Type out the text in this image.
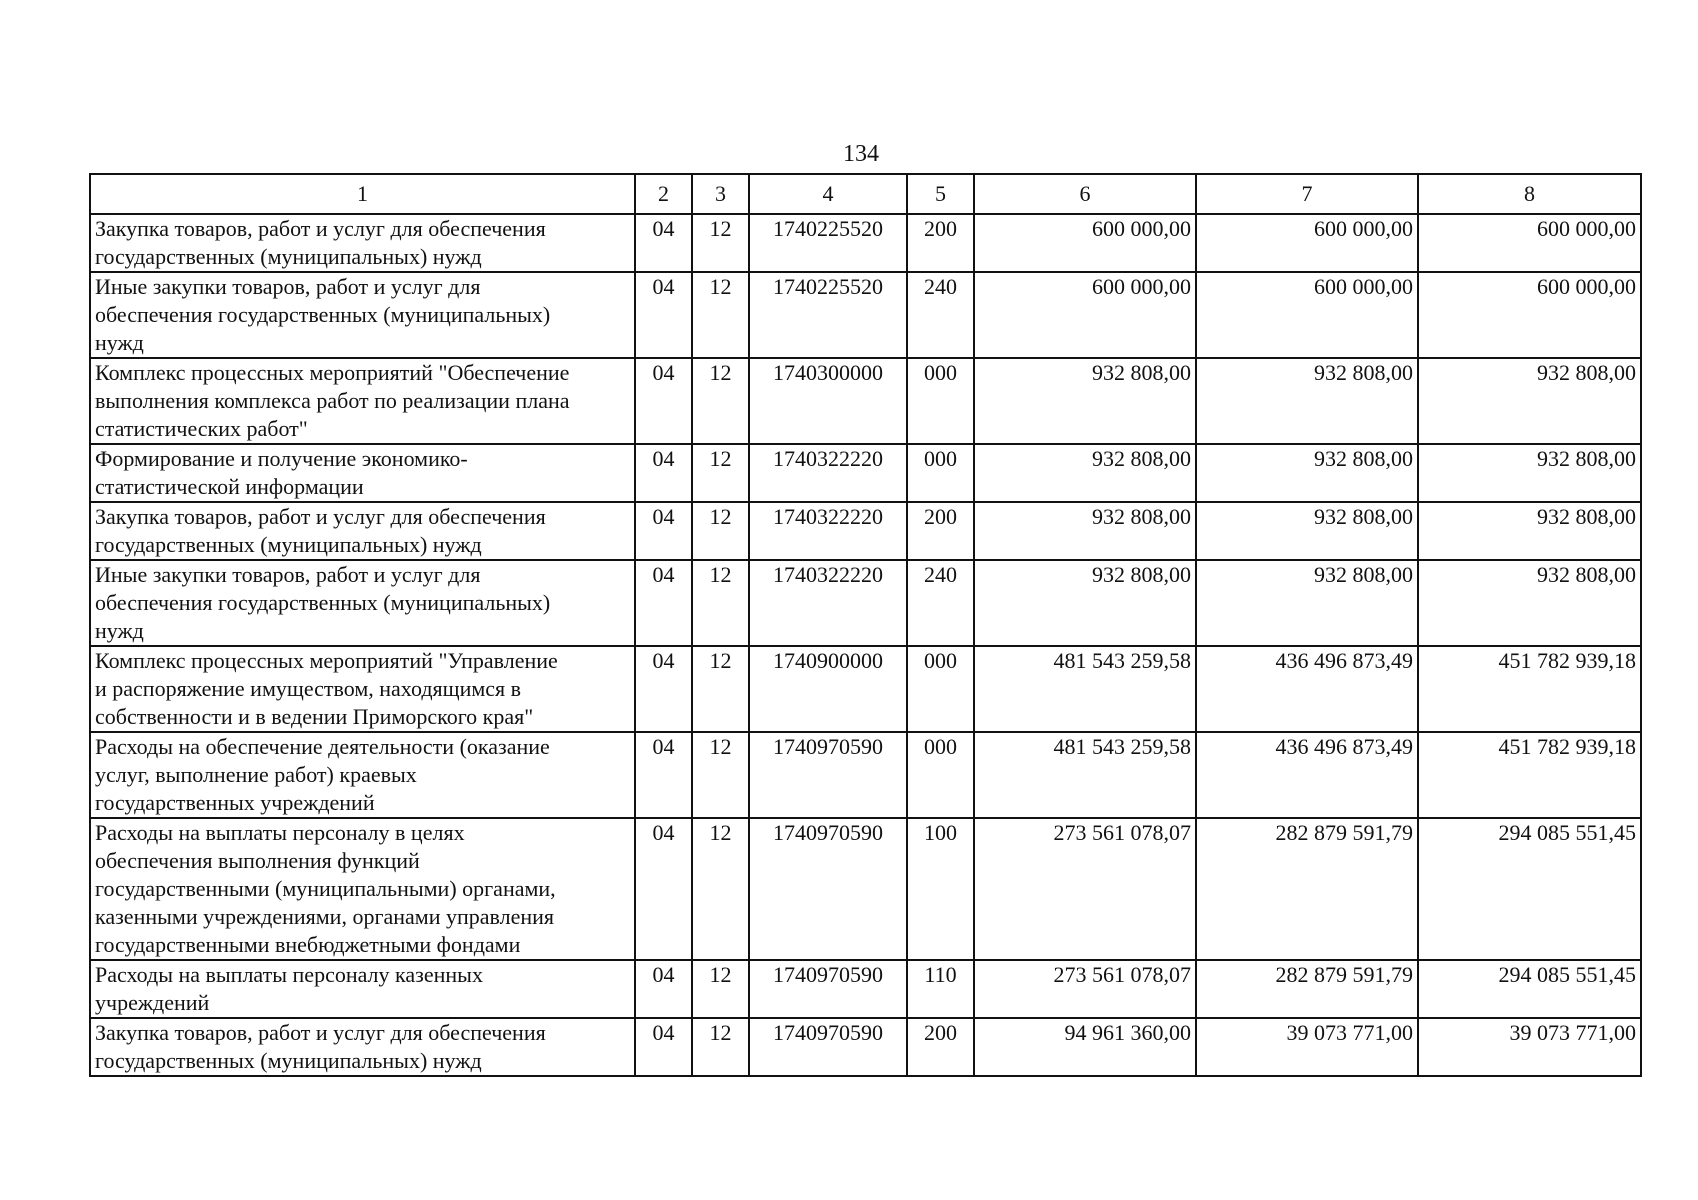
134
1	2	3	4	5	6	7	8

Закупка товаров, работ и услуг для обеспечения
государственных (муниципальных) нужд	04	12	1740225520	200	600 000,00	600 000,00	600 000,00

Иные закупки товаров, работ и услуг для
обеспечения государственных (муниципальных)
нужд	04	12	1740225520	240	600 000,00	600 000,00	600 000,00

Комплекс процессных мероприятий "Обеспечение
выполнения комплекса работ по реализации плана
статистических работ"	04	12	1740300000	000	932 808,00	932 808,00	932 808,00

Формирование и получение экономико-
статистической информации	04	12	1740322220	000	932 808,00	932 808,00	932 808,00

Закупка товаров, работ и услуг для обеспечения
государственных (муниципальных) нужд	04	12	1740322220	200	932 808,00	932 808,00	932 808,00

Иные закупки товаров, работ и услуг для
обеспечения государственных (муниципальных)
нужд	04	12	1740322220	240	932 808,00	932 808,00	932 808,00

Комплекс процессных мероприятий "Управление
и распоряжение имуществом, находящимся в
собственности и в ведении Приморского края"	04	12	1740900000	000	481 543 259,58	436 496 873,49	451 782 939,18

Расходы на обеспечение деятельности (оказание
услуг, выполнение работ) краевых
государственных учреждений	04	12	1740970590	000	481 543 259,58	436 496 873,49	451 782 939,18

Расходы на выплаты персоналу в целях
обеспечения выполнения функций
государственными (муниципальными) органами,
казенными учреждениями, органами управления
государственными внебюджетными фондами	04	12	1740970590	100	273 561 078,07	282 879 591,79	294 085 551,45

Расходы на выплаты персоналу казенных
учреждений	04	12	1740970590	110	273 561 078,07	282 879 591,79	294 085 551,45

Закупка товаров, работ и услуг для обеспечения
государственных (муниципальных) нужд	04	12	1740970590	200	94 961 360,00	39 073 771,00	39 073 771,00
